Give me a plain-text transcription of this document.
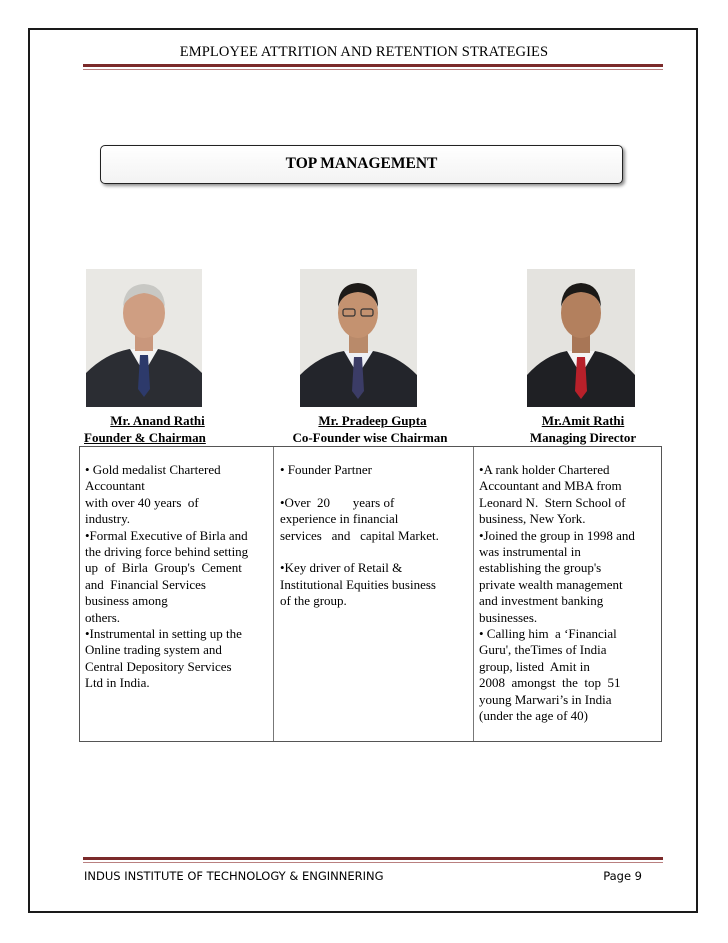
EMPLOYEE ATTRITION AND RETENTION STRATEGIES
TOP MANAGEMENT
Mr. Anand Rathi
Founder & Chairman
Mr. Pradeep Gupta
Co-Founder wise Chairman
Mr.Amit Rathi
Managing Director
• Gold medalist Chartered
Accountant
with over 40 years  of
industry.
•Formal Executive of Birla and
the driving force behind setting
up  of  Birla  Group's  Cement
and  Financial Services
business among
others.
•Instrumental in setting up the
Online trading system and
Central Depository Services
Ltd in India.
• Founder Partner

•Over  20       years of
experience in financial
services   and   capital Market.

•Key driver of Retail &
Institutional Equities business
of the group.
•A rank holder Chartered
Accountant and MBA from
Leonard N.  Stern School of
business, New York.
•Joined the group in 1998 and
was instrumental in
establishing the group's
private wealth management
and investment banking
businesses.
• Calling him  a ‘Financial
Guru', theTimes of India
group, listed  Amit in
2008  amongst  the  top  51
young Marwari’s in India
(under the age of 40)
INDUS INSTITUTE OF TECHNOLOGY & ENGINNERING	Page 9
